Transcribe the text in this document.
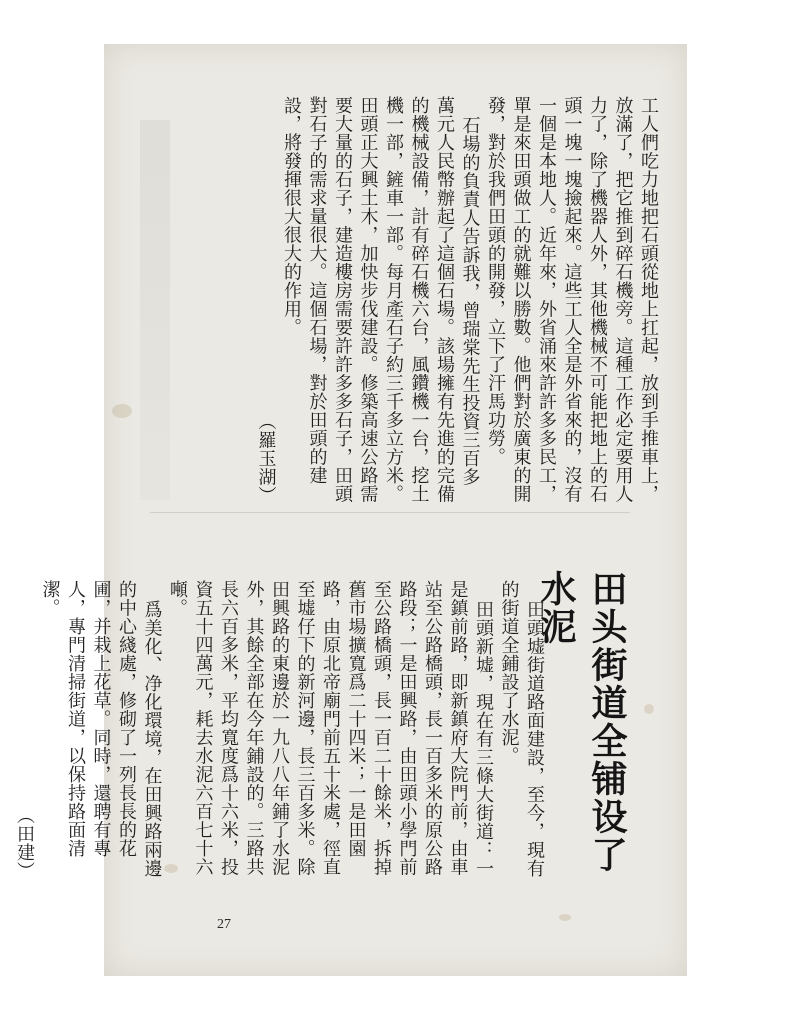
工人們吃力地把石頭從地上扛起，放到手推車上，放滿了，把它推到碎石機旁。這種工作必定要用人力了，除了機器人外，其他機械不可能把地上的石頭一塊一塊撿起來。這些工人全是外省來的，沒有一個是本地人。近年來，外省涌來許許多多民工，單是來田頭做工的就難以勝數。他們對於廣東的開發，對於我們田頭的開發，立下了汗馬功勞。

石場的負責人告訴我，曾瑞棠先生投資三百多萬元人民幣辦起了這個石場。該場擁有先進的完備的機械設備，計有碎石機六台，風鑽機一台，挖土機一部，鏟車一部。每月產石子約三千多立方米。田頭正大興土木，加快步伐建設。修築高速公路需要大量的石子，建造樓房需要許許多多石子，田頭對石子的需求量很大。這個石場，對於田頭的建設，將發揮很大很大的作用。

（羅玉湖）

田头街道全铺设了水泥

田頭墟街道路面建設，至今，現有的街道全鋪設了水泥。

田頭新墟，現在有三條大街道：一是鎮前路，即新鎮府大院門前，由車站至公路橋頭，長一百多米的原公路路段；一是田興路，由田頭小學門前至公路橋頭，長一百二十餘米，拆掉舊市場擴寬爲二十四米；一是田園路，由原北帝廟門前五十米處，徑直至墟仔下的新河邊，長三百多米。除田興路的東邊於一九八八年鋪了水泥外，其餘全部在今年鋪設的。三路共長六百多米，平均寬度爲十六米，投資五十四萬元，耗去水泥六百七十六噸。

爲美化、净化環境，在田興路兩邊的中心綫處，修砌了一列長長的花圃，并栽上花草。同時，還聘有專人，專門清掃街道，以保持路面清潔。

（田建）

27
